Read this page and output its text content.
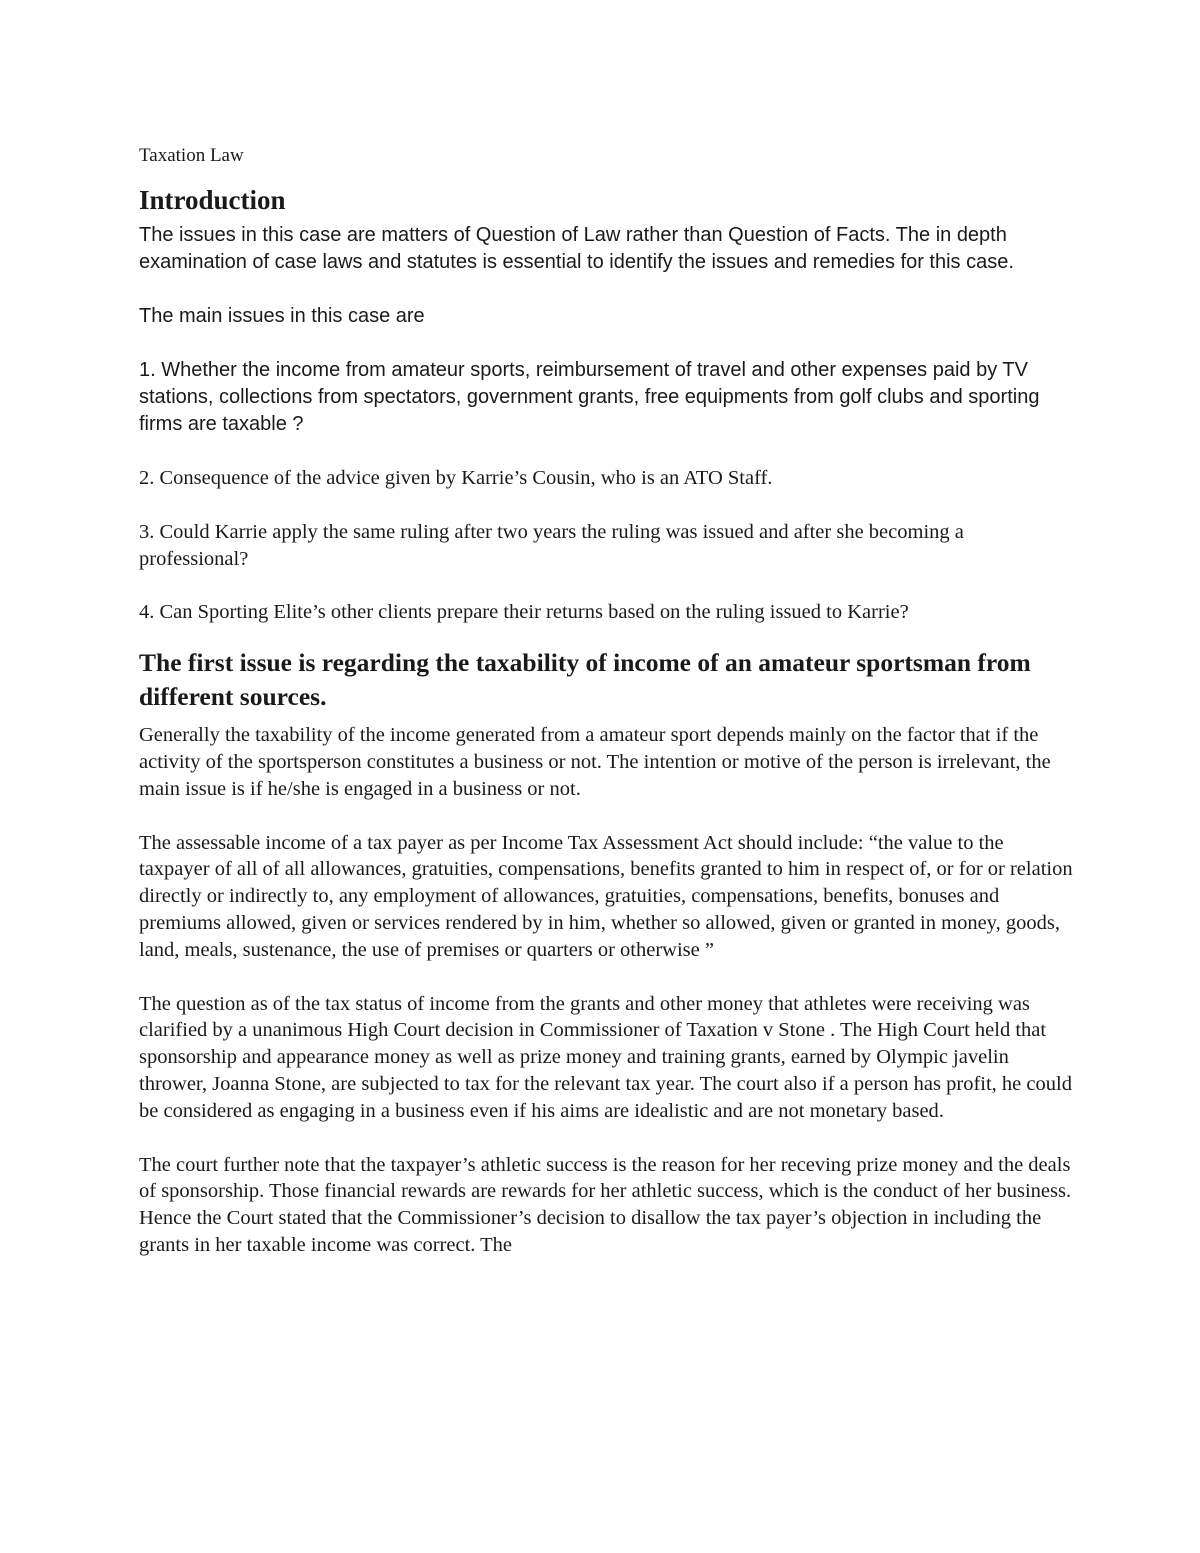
Taxation Law
Introduction

The issues in this case are matters of Question of Law rather than Question of Facts. The in depth examination of case laws and statutes is essential to identify the issues and remedies for this case.

The main issues in this case are

1. Whether the income from amateur sports, reimbursement of travel and other expenses paid by TV stations, collections from spectators, government grants, free equipments from golf clubs and sporting firms are taxable ?

2. Consequence of the advice given by Karrie’s Cousin, who is an ATO Staff.

3. Could Karrie apply the same ruling after two years the ruling was issued and after she becoming a professional?

4. Can Sporting Elite’s other clients prepare their returns based on the ruling issued to Karrie?

The first issue is regarding the taxability of income of an amateur sportsman from different sources.

Generally the taxability of the income generated from a amateur sport depends mainly on the factor that if the activity of the sportsperson constitutes a business or not. The intention or motive of the person is irrelevant, the main issue is if he/she is engaged in a business or not.

The assessable income of a tax payer as per Income Tax Assessment Act should include: “the value to the taxpayer of all of all allowances, gratuities, compensations, benefits granted to him in respect of, or for or relation directly or indirectly to, any employment of allowances, gratuities, compensations, benefits, bonuses and premiums allowed, given or services rendered by in him, whether so allowed, given or granted in money, goods, land, meals, sustenance, the use of premises or quarters or otherwise ”

The question as of the tax status of income from the grants and other money that athletes were receiving was clarified by a unanimous High Court decision in Commissioner of Taxation v Stone . The High Court held that sponsorship and appearance money as well as prize money and training grants, earned by Olympic javelin thrower, Joanna Stone, are subjected to tax for the relevant tax year. The court also if a person has profit, he could be considered as engaging in a business even if his aims are idealistic and are not monetary based.

The court further note that the taxpayer’s athletic success is the reason for her receving prize money and the deals of sponsorship. Those financial rewards are rewards for her athletic success, which is the conduct of her business. Hence the Court stated that the Commissioner’s decision to disallow the tax payer’s objection in including the grants in her taxable income was correct. The
